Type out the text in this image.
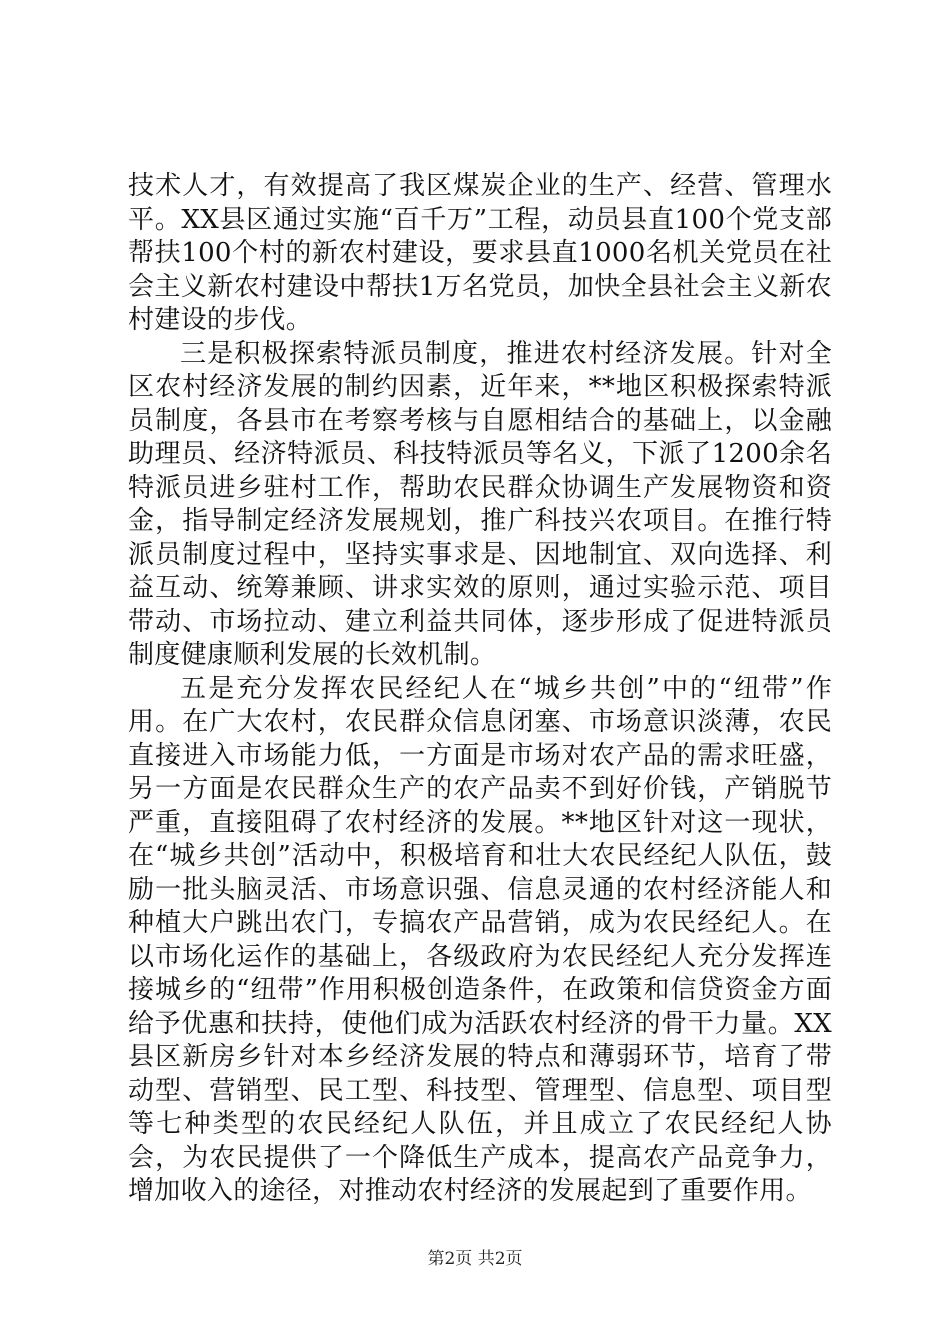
技术人才，有效提高了我区煤炭企业的生产、经营、管理水平。XX县区通过实施“百千万”工程，动员县直100个党支部帮扶100个村的新农村建设，要求县直1000名机关党员在社会主义新农村建设中帮扶1万名党员，加快全县社会主义新农村建设的步伐。

三是积极探索特派员制度，推进农村经济发展。针对全区农村经济发展的制约因素，近年来，**地区积极探索特派员制度，各县市在考察考核与自愿相结合的基础上，以金融助理员、经济特派员、科技特派员等名义，下派了1200余名特派员进乡驻村工作，帮助农民群众协调生产发展物资和资金，指导制定经济发展规划，推广科技兴农项目。在推行特派员制度过程中，坚持实事求是、因地制宜、双向选择、利益互动、统筹兼顾、讲求实效的原则，通过实验示范、项目带动、市场拉动、建立利益共同体，逐步形成了促进特派员制度健康顺利发展的长效机制。

五是充分发挥农民经纪人在“城乡共创”中的“纽带”作用。在广大农村，农民群众信息闭塞、市场意识淡薄，农民直接进入市场能力低，一方面是市场对农产品的需求旺盛，另一方面是农民群众生产的农产品卖不到好价钱，产销脱节严重，直接阻碍了农村经济的发展。**地区针对这一现状，在“城乡共创”活动中，积极培育和壮大农民经纪人队伍，鼓励一批头脑灵活、市场意识强、信息灵通的农村经济能人和种植大户跳出农门，专搞农产品营销，成为农民经纪人。在以市场化运作的基础上，各级政府为农民经纪人充分发挥连接城乡的“纽带”作用积极创造条件，在政策和信贷资金方面给予优惠和扶持，使他们成为活跃农村经济的骨干力量。XX县区新房乡针对本乡经济发展的特点和薄弱环节，培育了带动型、营销型、民工型、科技型、管理型、信息型、项目型等七种类型的农民经纪人队伍，并且成立了农民经纪人协会，为农民提供了一个降低生产成本，提高农产品竞争力，增加收入的途径，对推动农村经济的发展起到了重要作用。

第2页 共2页
